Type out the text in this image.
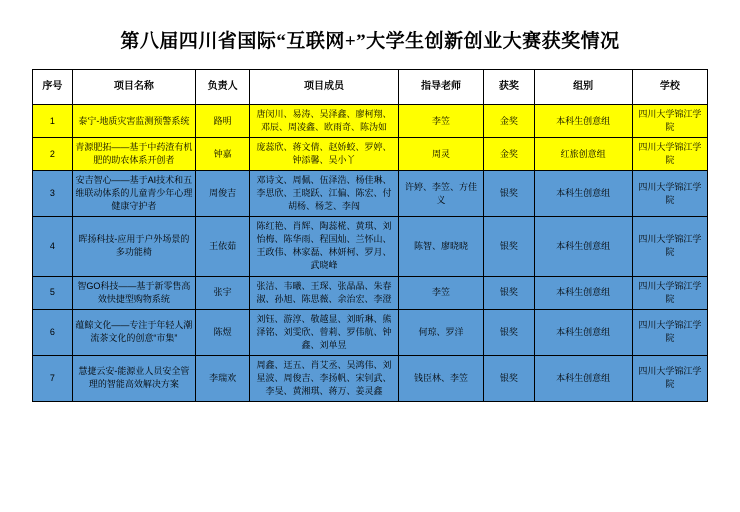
第八届四川省国际“互联网+”大学生创新创业大赛获奖情况
序号	项目名称	负责人	项目成员	指导老师	获奖	组别	学校
1	泰宁-地质灾害监测预警系统	路明	唐闵川、易涛、吴泽鑫、廖柯翔、邓辰、周凌鑫、欧雨奇、陈沩如	李笠	金奖	本科生创意组	四川大学锦江学院
2	青源肥拓——基于中药渣有机肥的助农体系开创者	钟嘉	庞蕊欣、蒋文倩、赵娇蛟、罗婷、钟添馨、吴小丫	周灵	金奖	红旅创意组	四川大学锦江学院
3	安吉智心——基于AI技术和五维联动体系的儿童青少年心理健康守护者	周俊吉	邓诗文、周佩、伍泽浩、杨佳琳、李思欣、王晓跃、江偏、陈宏、付胡杨、杨芝、李闯	许婷、李笠、方佳义	银奖	本科生创意组	四川大学锦江学院
4	晖扬科技-应用于户外场景的多功能椅	王依茹	陈红艳、肖辉、陶蕊椛、黄琪、刘怡梅、陈华雨、程国灿、兰怀山、王政伟、林家磊、林妍柯、罗月、武晓峰	陈智、廖晓晓	银奖	本科生创意组	四川大学锦江学院
5	智GO科技——基于新零售高效快捷型购物系统	张宇	张洁、韦曦、王琛、张晶晶、朱春淑、孙旭、陈思薇、余治宏、李澄	李笠	银奖	本科生创意组	四川大学锦江学院
6	蕴鲸文化——专注于年轻人潮流茶文化的创意“市集”	陈煜	刘钰、游淳、敬越显、刘昕琳、熊泽铭、刘雯欣、曾莉、罗伟航、钟鑫、刘单昱	何琼、罗洋	银奖	本科生创意组	四川大学锦江学院
7	慧捷云安-能源业人员安全管理的智能高效解决方案	李瑞欢	周鑫、迋五、肖艾丞、吴鸿伟、刘星波、周俊吉、李扬帆、宋钊武、李旻、黄湘琪、蒋万、姜灵鑫	钱臣林、李笠	银奖	本科生创意组	四川大学锦江学院
